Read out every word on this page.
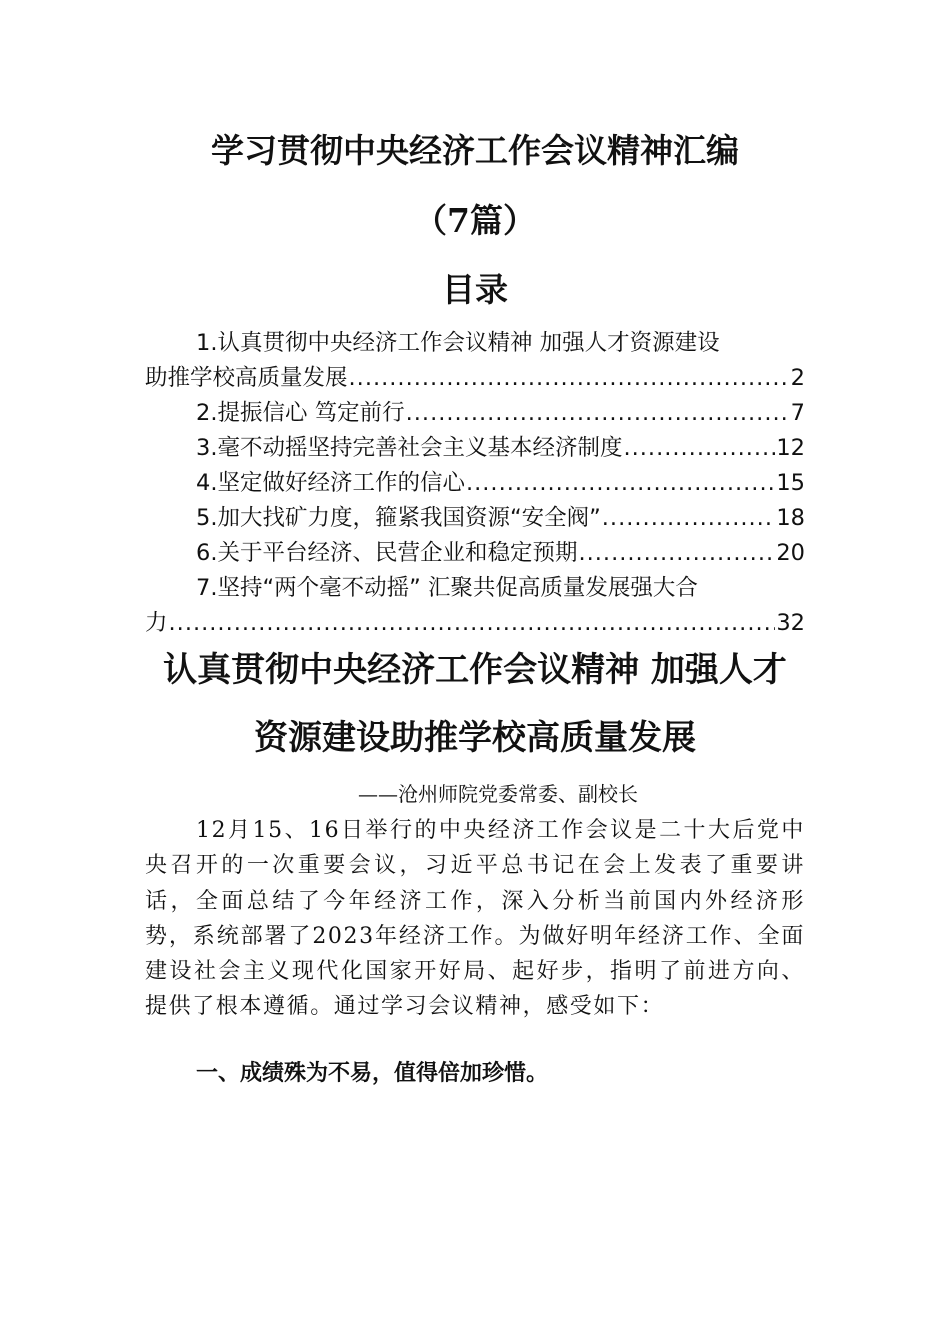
学习贯彻中央经济工作会议精神汇编
（7篇）
目录
1.认真贯彻中央经济工作会议精神 加强人才资源建设
助推学校高质量发展 .....	2
2.提振信心 笃定前行 .....	7
3.毫不动摇坚持完善社会主义基本经济制度 .....	12
4.坚定做好经济工作的信心 .....	15
5.加大找矿力度，箍紧我国资源“安全阀” .....	18
6.关于平台经济、民营企业和稳定预期 .....	20
7.坚持“两个毫不动摇” 汇聚共促高质量发展强大合
力 .....	32
认真贯彻中央经济工作会议精神 加强人才
资源建设助推学校高质量发展
——沧州师院党委常委、副校长

12月15、16日举行的中央经济工作会议是二十大后党中央召开的一次重要会议，习近平总书记在会上发表了重要讲话，全面总结了今年经济工作，深入分析当前国内外经济形势，系统部署了2023年经济工作。为做好明年经济工作、全面建设社会主义现代化国家开好局、起好步，指明了前进方向、提供了根本遵循。通过学习会议精神，感受如下：

一、成绩殊为不易，值得倍加珍惜。
